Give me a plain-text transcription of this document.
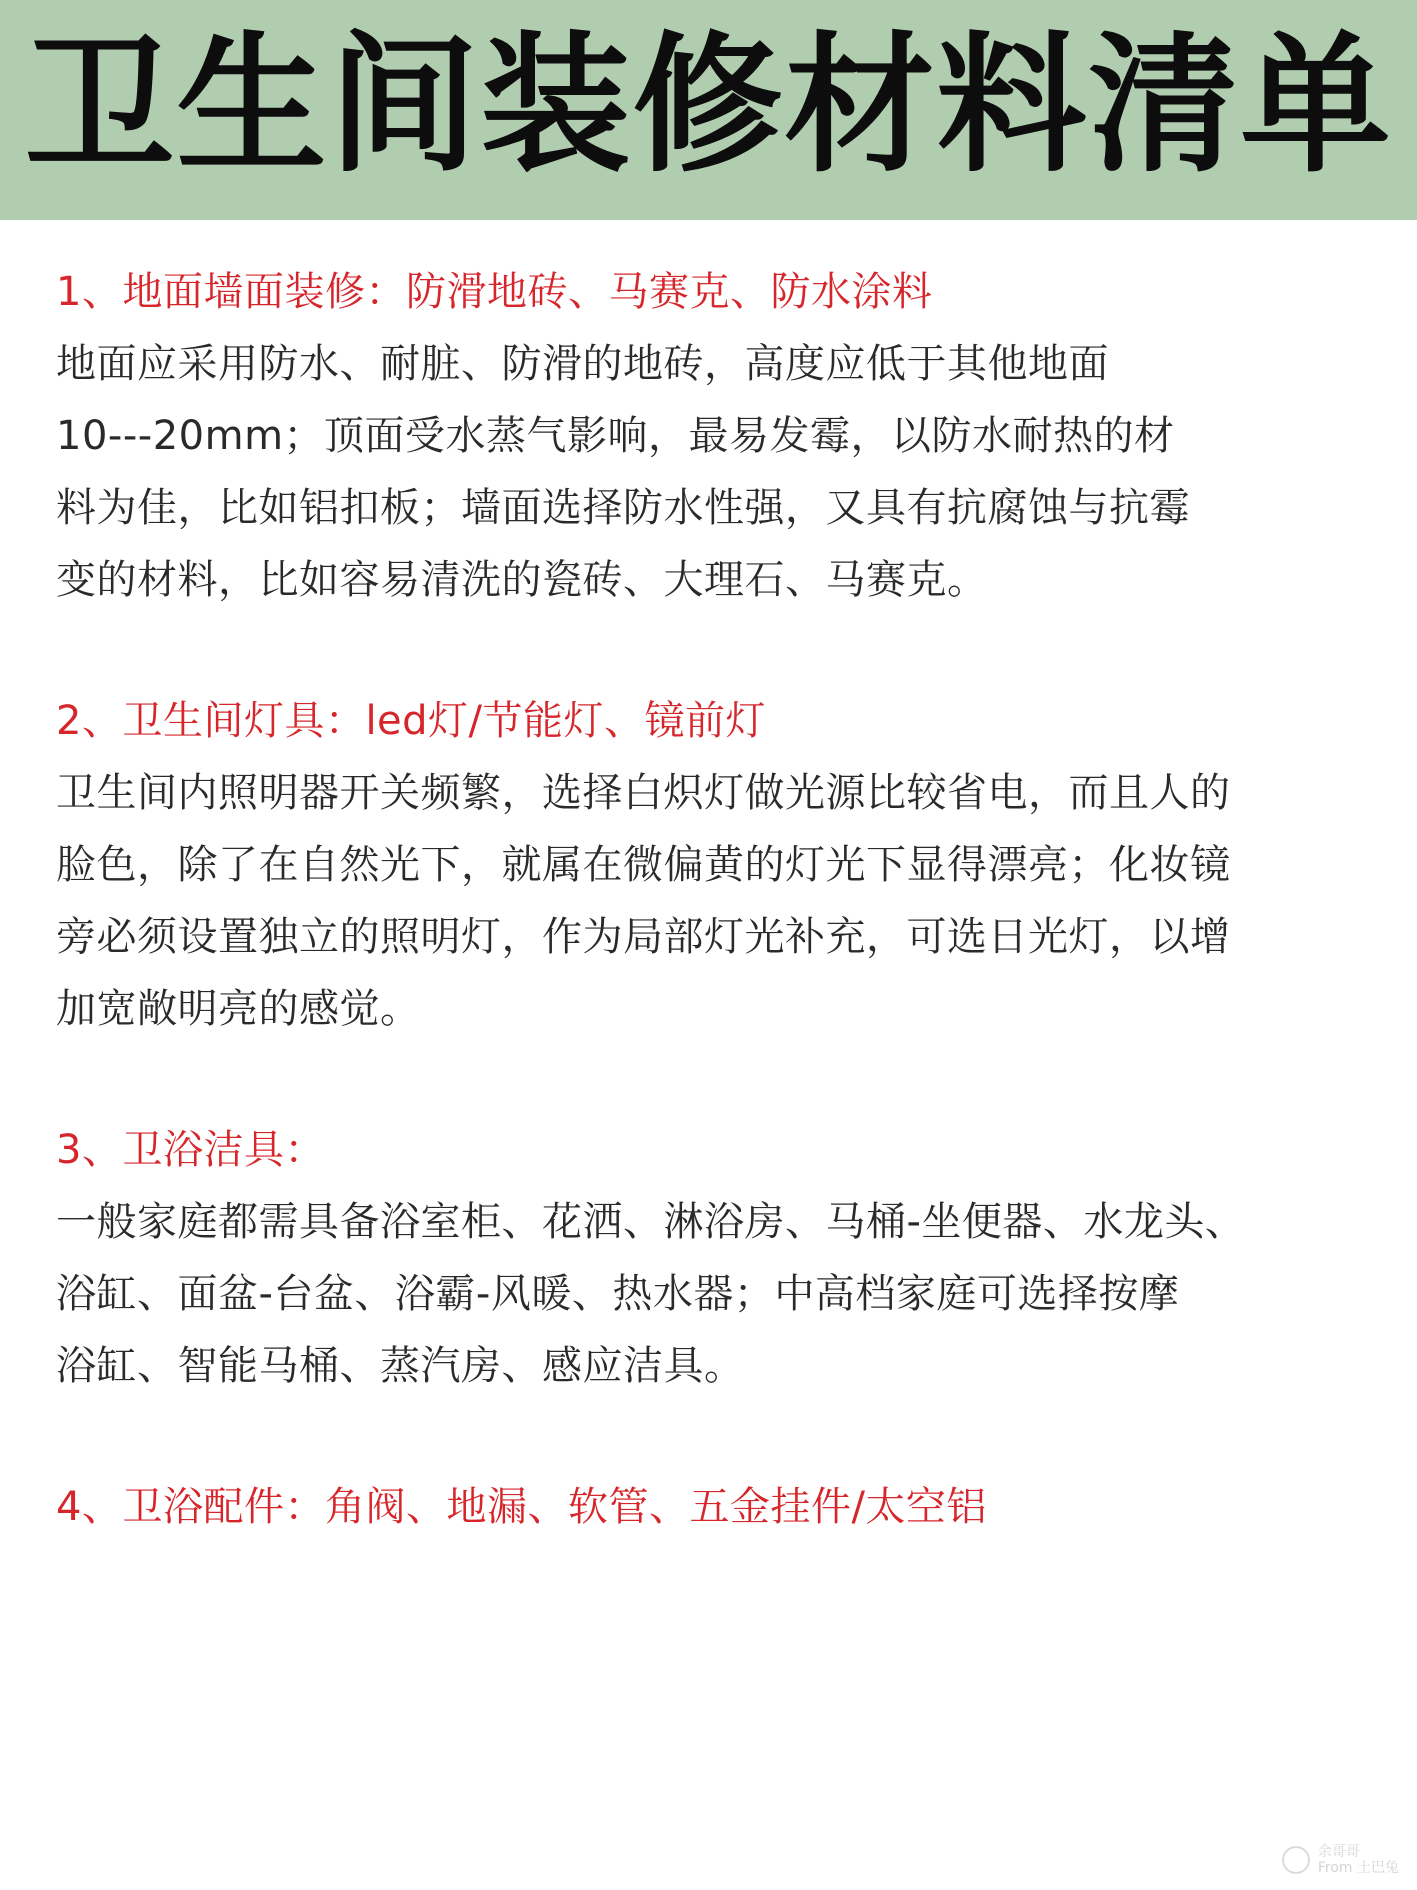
卫生间装修材料清单
1、地面墙面装修：防滑地砖、马赛克、防水涂料
地面应采用防水、耐脏、防滑的地砖，高度应低于其他地面
10---20mm；顶面受水蒸气影响，最易发霉，以防水耐热的材
料为佳，比如铝扣板；墙面选择防水性强，又具有抗腐蚀与抗霉
变的材料，比如容易清洗的瓷砖、大理石、马赛克。
2、卫生间灯具：led灯/节能灯、镜前灯
卫生间内照明器开关频繁，选择白炽灯做光源比较省电，而且人的
脸色，除了在自然光下，就属在微偏黄的灯光下显得漂亮；化妆镜
旁必须设置独立的照明灯，作为局部灯光补充，可选日光灯，以增
加宽敞明亮的感觉。
3、卫浴洁具：
一般家庭都需具备浴室柜、花洒、淋浴房、马桶-坐便器、水龙头、
浴缸、面盆-台盆、浴霸-风暖、热水器；中高档家庭可选择按摩
浴缸、智能马桶、蒸汽房、感应洁具。
4、卫浴配件：角阀、地漏、软管、五金挂件/太空铝
余哥哥
From 土巴兔
